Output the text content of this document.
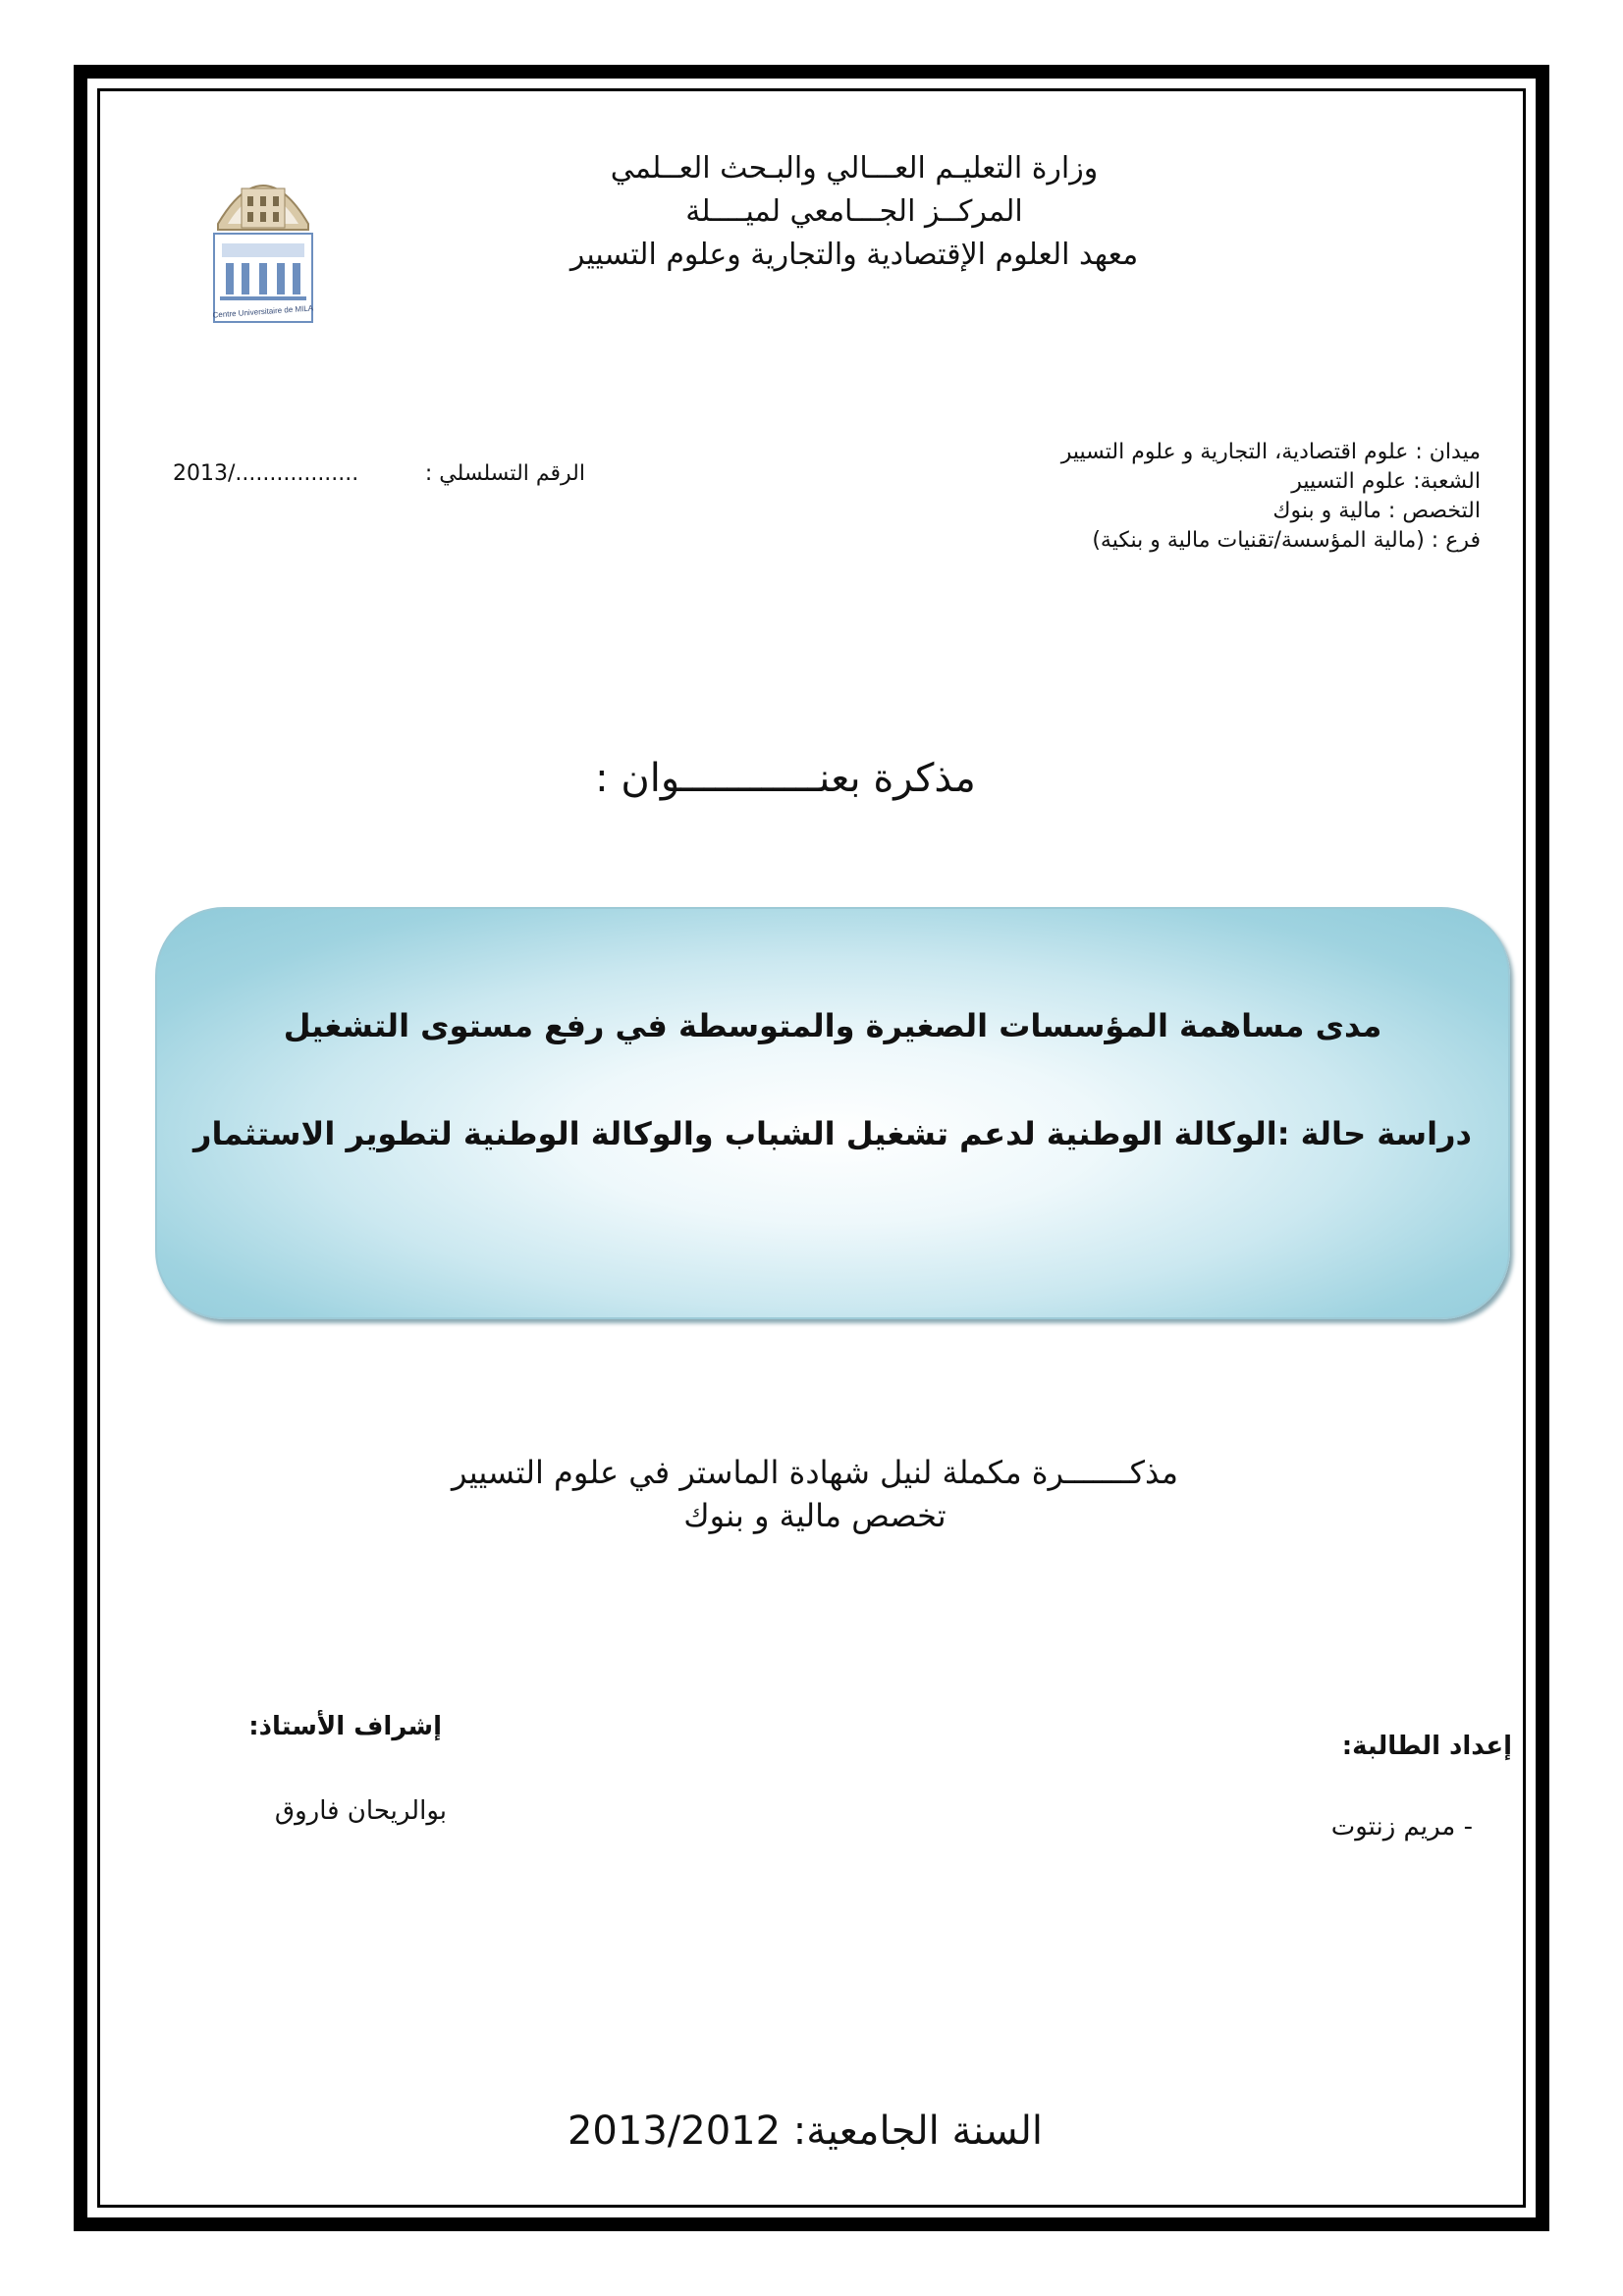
Centre Universitaire de MILA
وزارة التعليـم العـــالي والبـحث العــلمي
المركــز الجـــامعي لميــــلة
معهد العلوم الإقتصادية والتجارية وعلوم التسيير
الرقم التسلسلي :
2013/..................
ميدان : علوم اقتصادية، التجارية و علوم التسيير
الشعبة: علوم التسيير
التخصص : مالية و بنوك
فرع : (مالية المؤسسة/تقنيات مالية و بنكية)
مذكرة بعنــــــــــــوان :
مدى مساهمة المؤسسات الصغيرة والمتوسطة في رفع مستوى التشغيل
دراسة حالة :الوكالة الوطنية لدعم تشغيل الشباب والوكالة الوطنية لتطوير الاستثمار
مذكـــــــرة مكملة لنيل شهادة الماستر في علوم التسيير
تخصص مالية و بنوك
إشراف الأستاذ:
بوالريحان فاروق
إعداد الطالبة:
- مريم زنتوت
السنة الجامعية: 2013/2012
